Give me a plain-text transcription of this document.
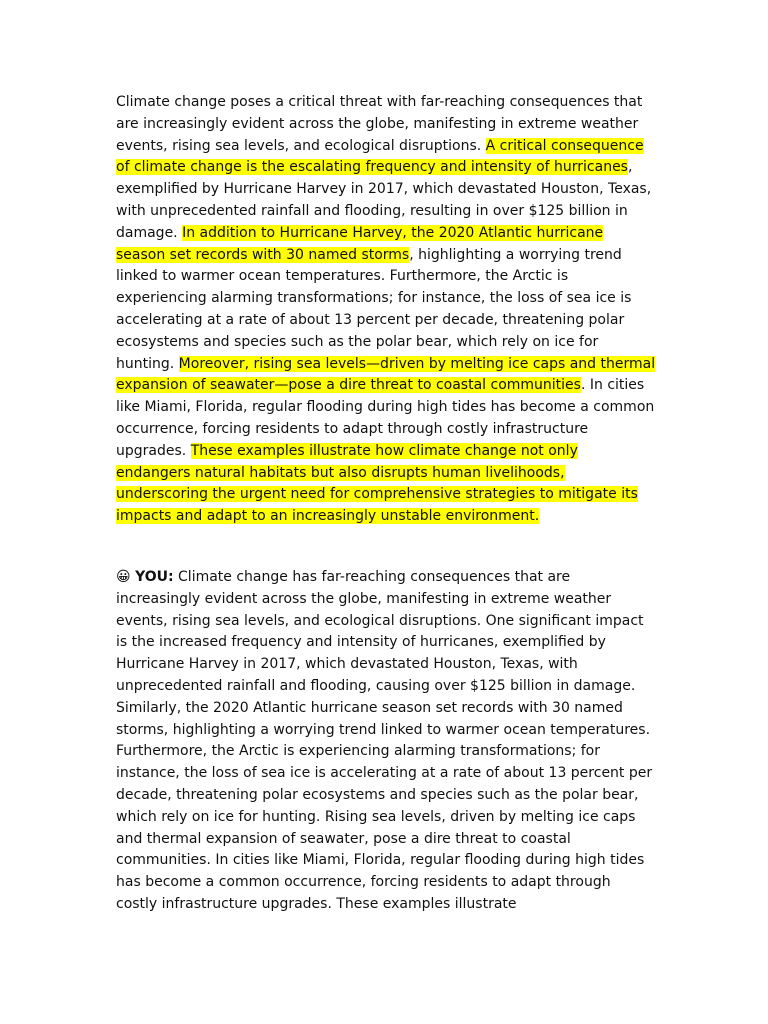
Climate change poses a critical threat with far-reaching consequences that are increasingly evident across the globe, manifesting in extreme weather events, rising sea levels, and ecological disruptions. A critical consequence of climate change is the escalating frequency and intensity of hurricanes, exemplified by Hurricane Harvey in 2017, which devastated Houston, Texas, with unprecedented rainfall and flooding, resulting in over $125 billion in damage. In addition to Hurricane Harvey, the 2020 Atlantic hurricane season set records with 30 named storms, highlighting a worrying trend linked to warmer ocean temperatures. Furthermore, the Arctic is experiencing alarming transformations; for instance, the loss of sea ice is accelerating at a rate of about 13 percent per decade, threatening polar ecosystems and species such as the polar bear, which rely on ice for hunting. Moreover, rising sea levels—driven by melting ice caps and thermal expansion of seawater—pose a dire threat to coastal communities. In cities like Miami, Florida, regular flooding during high tides has become a common occurrence, forcing residents to adapt through costly infrastructure upgrades. These examples illustrate how climate change not only endangers natural habitats but also disrupts human livelihoods, underscoring the urgent need for comprehensive strategies to mitigate its impacts and adapt to an increasingly unstable environment.

😀 YOU: Climate change has far-reaching consequences that are increasingly evident across the globe, manifesting in extreme weather events, rising sea levels, and ecological disruptions. One significant impact is the increased frequency and intensity of hurricanes, exemplified by Hurricane Harvey in 2017, which devastated Houston, Texas, with unprecedented rainfall and flooding, causing over $125 billion in damage. Similarly, the 2020 Atlantic hurricane season set records with 30 named storms, highlighting a worrying trend linked to warmer ocean temperatures. Furthermore, the Arctic is experiencing alarming transformations; for instance, the loss of sea ice is accelerating at a rate of about 13 percent per decade, threatening polar ecosystems and species such as the polar bear, which rely on ice for hunting. Rising sea levels, driven by melting ice caps and thermal expansion of seawater, pose a dire threat to coastal communities. In cities like Miami, Florida, regular flooding during high tides has become a common occurrence, forcing residents to adapt through costly infrastructure upgrades. These examples illustrate
